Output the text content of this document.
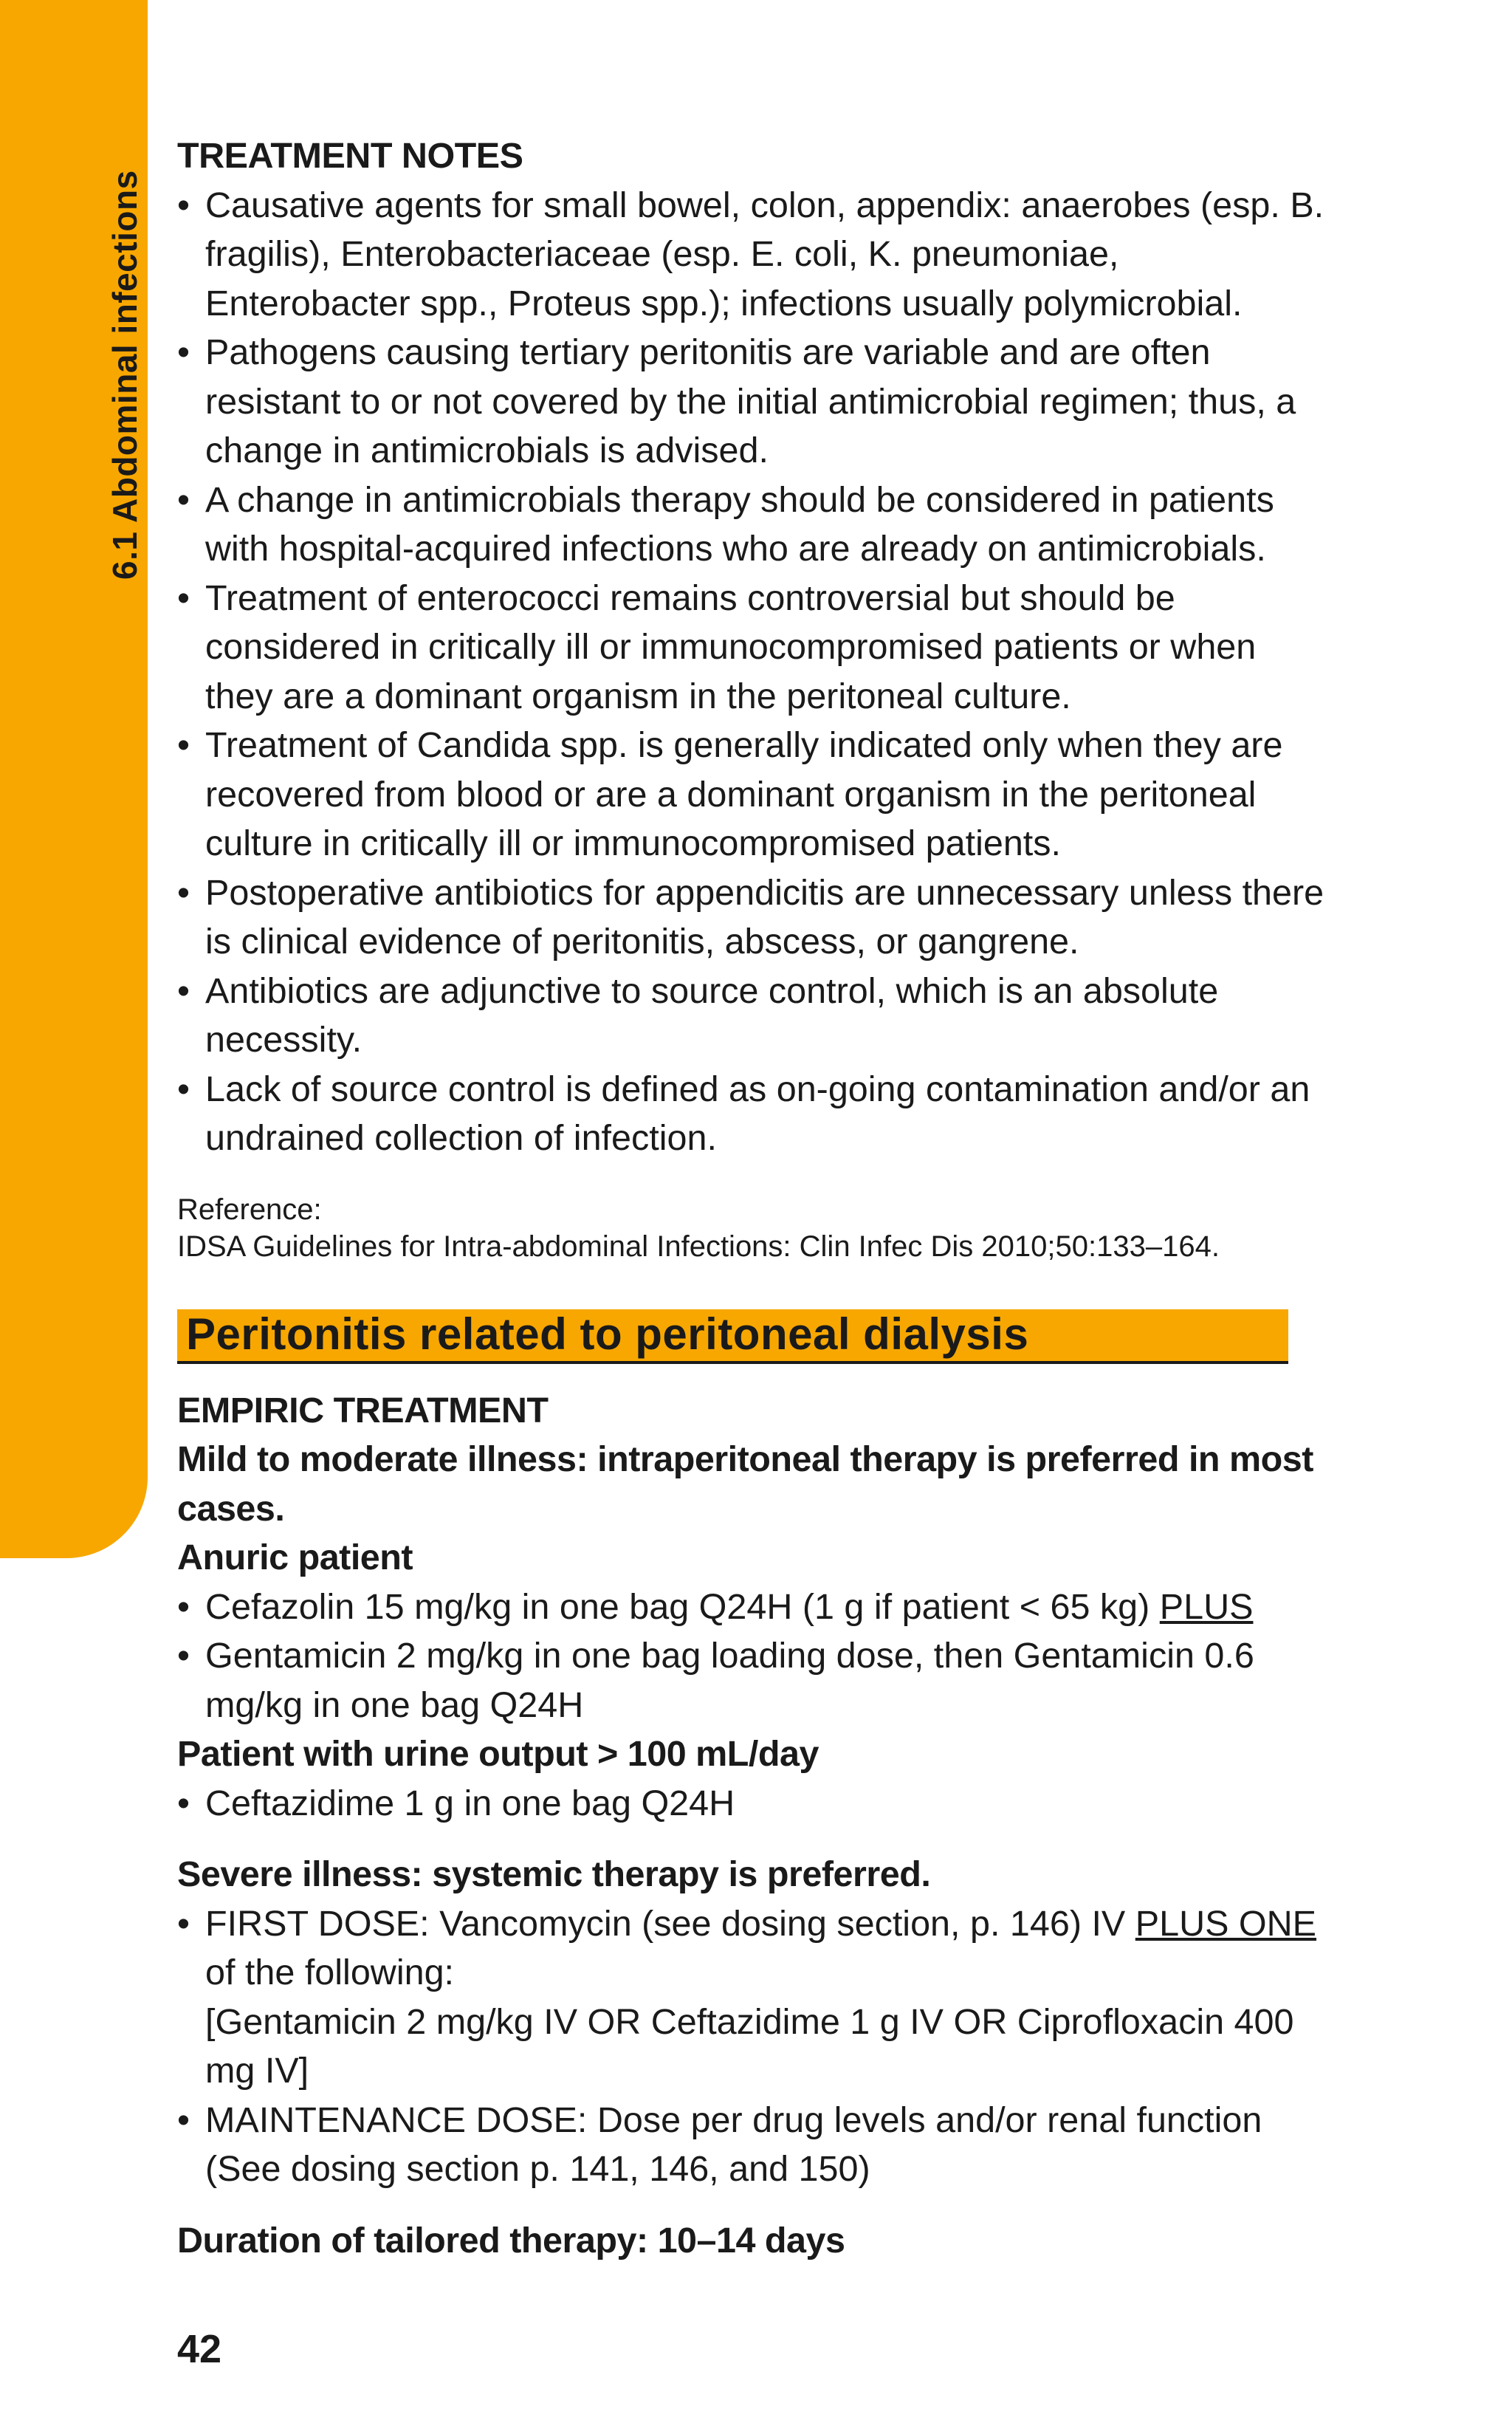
6.1 Abdominal infections
TREATMENT NOTES
• Causative agents for small bowel, colon, appendix: anaerobes (esp. B. fragilis), Enterobacteriaceae (esp. E. coli, K. pneumoniae, Enterobacter spp., Proteus spp.); infections usually polymicrobial.
• Pathogens causing tertiary peritonitis are variable and are often resistant to or not covered by the initial antimicrobial regimen; thus, a change in antimicrobials is advised.
• A change in antimicrobials therapy should be considered in patients with hospital-acquired infections who are already on antimicrobials.
• Treatment of enterococci remains controversial but should be considered in critically ill or immunocompromised patients or when they are a dominant organism in the peritoneal culture.
• Treatment of Candida spp. is generally indicated only when they are recovered from blood or are a dominant organism in the peritoneal culture in critically ill or immunocompromised patients.
• Postoperative antibiotics for appendicitis are unnecessary unless there is clinical evidence of peritonitis, abscess, or gangrene.
• Antibiotics are adjunctive to source control, which is an absolute necessity.
• Lack of source control is defined as on-going contamination and/or an undrained collection of infection.
Reference:
IDSA Guidelines for Intra-abdominal Infections: Clin Infec Dis 2010;50:133–164.
Peritonitis related to peritoneal dialysis
EMPIRIC TREATMENT
Mild to moderate illness: intraperitoneal therapy is preferred in most cases.
Anuric patient
• Cefazolin 15 mg/kg in one bag Q24H (1 g if patient < 65 kg) PLUS
• Gentamicin 2 mg/kg in one bag loading dose, then Gentamicin 0.6 mg/kg in one bag Q24H
Patient with urine output > 100 mL/day
• Ceftazidime 1 g in one bag Q24H
Severe illness: systemic therapy is preferred.
• FIRST DOSE: Vancomycin (see dosing section, p. 146) IV PLUS ONE of the following:
[Gentamicin 2 mg/kg IV OR Ceftazidime 1 g IV OR Ciprofloxacin 400 mg IV]
• MAINTENANCE DOSE: Dose per drug levels and/or renal function (See dosing section p. 141, 146, and 150)
Duration of tailored therapy: 10–14 days
42
